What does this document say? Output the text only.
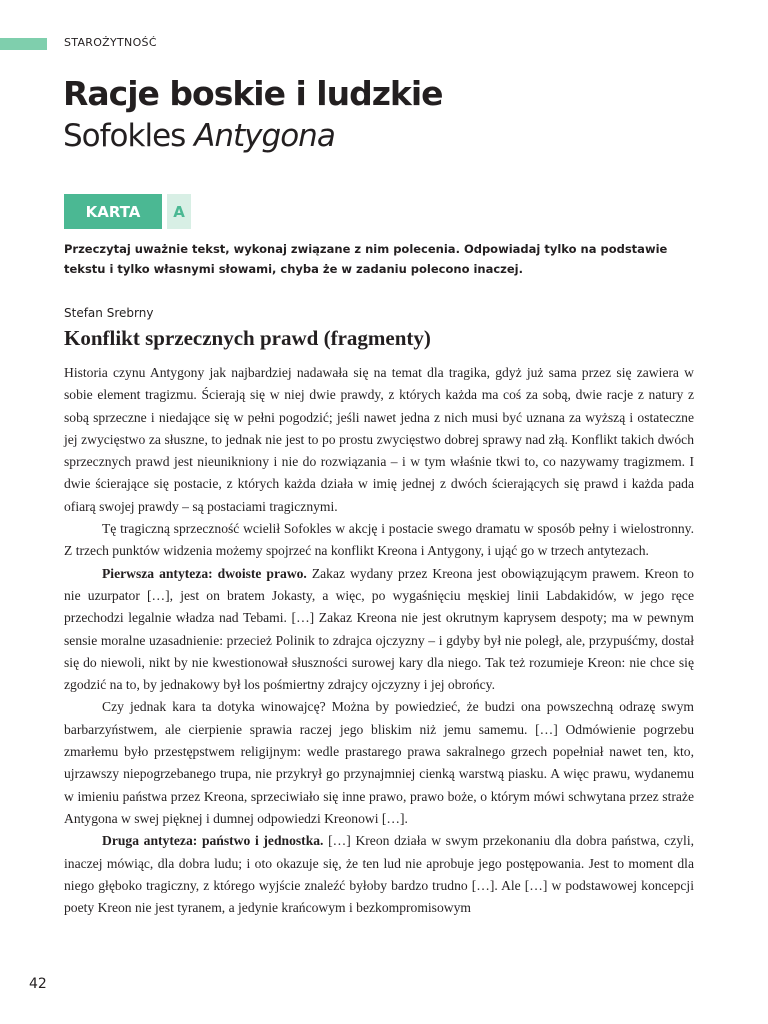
STAROŻYTNOŚĆ
Racje boskie i ludzkie
Sofokles Antygona
KARTA	A

Przeczytaj uważnie tekst, wykonaj związane z nim polecenia. Odpowiadaj tylko na podstawie tekstu i tylko własnymi słowami, chyba że w zadaniu polecono inaczej.

Stefan Srebrny
Konflikt sprzecznych prawd (fragmenty)

Historia czynu Antygony jak najbardziej nadawała się na temat dla tragika, gdyż już sama przez się zawiera w sobie element tragizmu. Ścierają się w niej dwie prawdy, z których każda ma coś za sobą, dwie racje z natury z sobą sprzeczne i niedające się w pełni pogodzić; jeśli nawet jedna z nich musi być uznana za wyższą i ostateczne jej zwycięstwo za słuszne, to jednak nie jest to po prostu zwycięstwo dobrej sprawy nad złą. Konflikt takich dwóch sprzecznych prawd jest nieunikniony i nie do rozwiązania – i w tym właśnie tkwi to, co nazywamy tragizmem. I dwie ścierające się postacie, z których każda działa w imię jednej z dwóch ścierających się prawd i każda pada ofiarą swojej prawdy – są postaciami tragicznymi.

Tę tragiczną sprzeczność wcielił Sofokles w akcję i postacie swego dramatu w sposób pełny i wielostronny. Z trzech punktów widzenia możemy spojrzeć na konflikt Kreona i Antygony, i ująć go w trzech antytezach.

Pierwsza antyteza: dwoiste prawo. Zakaz wydany przez Kreona jest obowiązującym prawem. Kreon to nie uzurpator […], jest on bratem Jokasty, a więc, po wygaśnięciu męskiej linii Labdakidów, w jego ręce przechodzi legalnie władza nad Tebami. […] Zakaz Kreona nie jest okrutnym kaprysem despoty; ma w pewnym sensie moralne uzasadnienie: przecież Polinik to zdrajca ojczyzny – i gdyby był nie poległ, ale, przypuśćmy, dostał się do niewoli, nikt by nie kwestionował słuszności surowej kary dla niego. Tak też rozumieje Kreon: nie chce się zgodzić na to, by jednakowy był los pośmiertny zdrajcy ojczyzny i jej obrońcy.

Czy jednak kara ta dotyka winowajcę? Można by powiedzieć, że budzi ona powszechną odrazę swym barbarzyństwem, ale cierpienie sprawia raczej jego bliskim niż jemu samemu. […] Odmówienie pogrzebu zmarłemu było przestępstwem religijnym: wedle prastarego prawa sakralnego grzech popełniał nawet ten, kto, ujrzawszy niepogrzebanego trupa, nie przykrył go przynajmniej cienką warstwą piasku. A więc prawu, wydanemu w imieniu państwa przez Kreona, sprzeciwiało się inne prawo, prawo boże, o którym mówi schwytana przez straże Antygona w swej pięknej i dumnej odpowiedzi Kreonowi […].

Druga antyteza: państwo i jednostka. […] Kreon działa w swym przekonaniu dla dobra państwa, czyli, inaczej mówiąc, dla dobra ludu; i oto okazuje się, że ten lud nie aprobuje jego postępowania. Jest to moment dla niego głęboko tragiczny, z którego wyjście znaleźć byłoby bardzo trudno […]. Ale […] w podstawowej koncepcji poety Kreon nie jest tyranem, a jedynie krańcowym i bezkompromisowym

42
